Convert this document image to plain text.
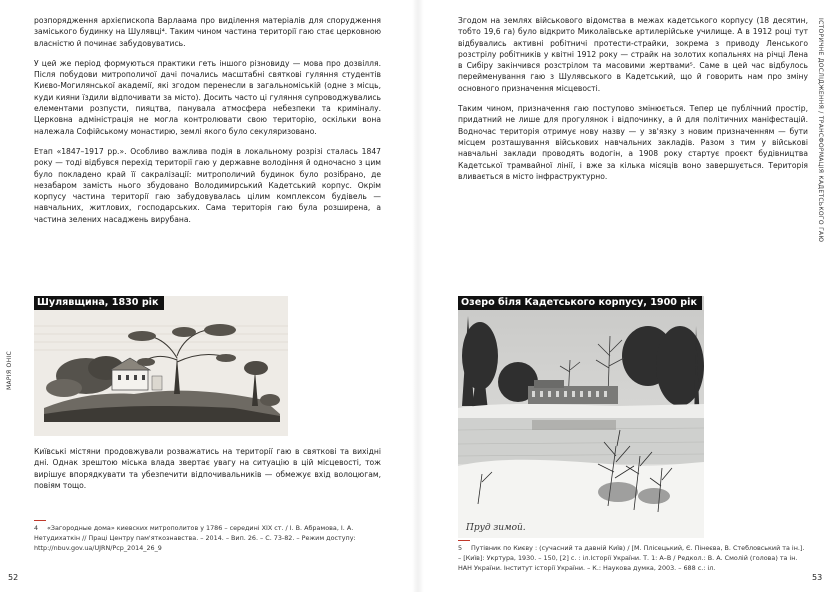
розпорядження архієпископа Варлаама про виділення матеріалів для спорудження заміського будинку на Шулявці⁴. Таким чином частина території гаю стає церковною власністю й починає забудовуватись.

У цей же період формуються практики геть іншого різновиду — мова про дозвілля. Після побудови митрополичої дачі почались масштабні святкові гуляння студентів Києво-Могилянської академії, які згодом перенесли в загальноміській (одне з місць, куди кияни їздили відпочивати за місто). Досить часто ці гуляння супроводжувались елементами розпусти, пияцтва, панувала атмосфера небезпеки та криміналу. Церковна адміністрація не могла контролювати свою територію, оскільки вона належала Софійському монастирю, землі якого було секуляризовано.

Етап «1847–1917 рр.». Особливо важлива подія в локальному розрізі сталась 1847 року — тоді відбувся перехід території гаю у державне володіння й одночасно з цим було покладено край її сакралізації: митрополичий будинок було розібрано, де незабаром замість нього збудовано Володимирський Кадетський корпус. Окрім корпусу частина території гаю забудовувалась цілим комплексом будівель — навчальних, житлових, господарських. Сама територія гаю була розширена, а частина зелених насаджень вирубана.

Шулявщина, 1830 рік

Київські містяни продовжували розважатись на території гаю в святкові та вихідні дні. Однак зрештою міська влада звертає увагу на ситуацію в цій місцевості, тож вирішує впорядкувати та убезпечити відпочивальників — обмежує вхід волоцюгам, повіям тощо.

4 «Загородные дома» киевских митрополитов у 1786 – середині XIX ст. / І. В. Абрамова, І. А. Нетудихаткін // Праці Центру пам'яткознавства. – 2014. – Вип. 26. – С. 73-82. – Режим доступу: http://nbuv.gov.ua/UJRN/Pcp_2014_26_9
52
МАРІЯ ОНІС

Згодом на землях військового відомства в межах кадетського корпусу (18 десятин, тобто 19,6 га) було відкрито Миколаївське артилерійське училище. А в 1912 році тут відбувались активні робітничі протести-страйки, зокрема з приводу Ленського розстрілу робітників у квітні 1912 року — страйк на золотих копальнях на річці Лена в Сибіру закінчився розстрілом та масовими жертвами⁵. Саме в цей час відбулось перейменування гаю з Шулявського в Кадетський, що й говорить нам про зміну основного призначення місцевості.

Таким чином, призначення гаю поступово змінюється. Тепер це публічний простір, придатний не лише для прогулянок і відпочинку, а й для політичних маніфестацій. Водночас територія отримує нову назву — у зв'язку з новим призначенням — бути місцем розташування військових навчальних закладів. Разом з тим у військові навчальні заклади проводять водогін, а 1908 року стартує проєкт будівництва Кадетської трамвайної лінії, і вже за кілька місяців воно завершується. Територія вливається в місто інфраструктурно.

Озеро біля Кадетського корпусу, 1900 рік
Пруд зимой.
5 Путівник по Києву : (сучасний та давній Київ) / [М. Плісецький, Є. Пінеєва, В. Стебловський та ін.]. – [Київ]: Укртура, 1930. – 150, [2] с. : іл.Історії України. Т. 1: А–В / Редкол.: В. А. Смолій (голова) та ін. НАН України. Інститут історії України. – К.: Наукова думка, 2003. – 688 с.: іл.
53
ІСТОРИЧНЕ ДОСЛІДЖЕННЯ / ТРАНСФОРМАЦІЯ КАДЕТСЬКОГО ГАЮ
